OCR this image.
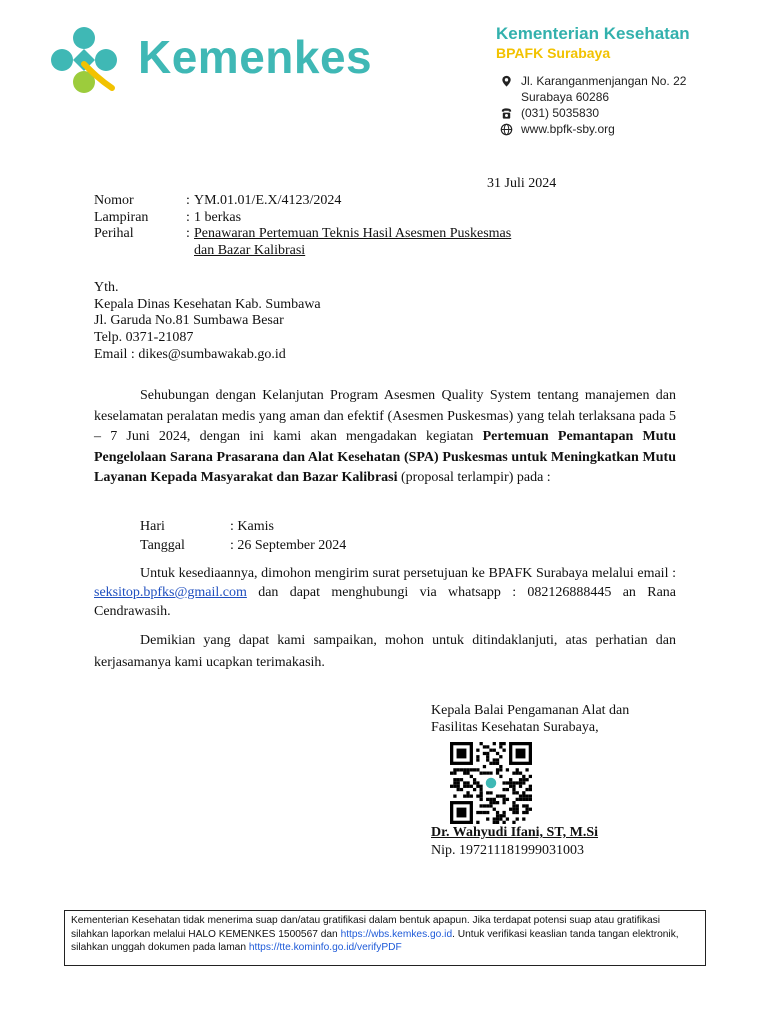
Kemenkes	Kementerian Kesehatan
BPAFK Surabaya
Jl. Karanganmenjangan No. 22
Surabaya 60286
(031) 5035830
www.bpfk-sby.org
31 Juli 2024
Nomor	: YM.01.01/E.X/4123/2024
Lampiran	: 1 berkas
Perihal	: Penawaran Pertemuan Teknis Hasil Asesmen Puskesmas
dan Bazar Kalibrasi
Yth.
Kepala Dinas Kesehatan Kab. Sumbawa
Jl. Garuda No.81 Sumbawa Besar
Telp. 0371-21087
Email : dikes@sumbawakab.go.id
Sehubungan dengan Kelanjutan Program Asesmen Quality System tentang manajemen dan keselamatan peralatan medis yang aman dan efektif (Asesmen Puskesmas) yang telah terlaksana pada 5 – 7 Juni 2024, dengan ini kami akan mengadakan kegiatan Pertemuan Pemantapan Mutu Pengelolaan Sarana Prasarana dan Alat Kesehatan (SPA) Puskesmas untuk Meningkatkan Mutu Layanan Kepada Masyarakat dan Bazar Kalibrasi (proposal terlampir) pada :
Hari	: Kamis
Tanggal	: 26 September 2024
Untuk kesediaannya, dimohon mengirim surat persetujuan ke BPAFK Surabaya melalui email : seksitop.bpfks@gmail.com dan dapat menghubungi via whatsapp : 082126888445 an Rana Cendrawasih.
Demikian yang dapat kami sampaikan, mohon untuk ditindaklanjuti, atas perhatian dan kerjasamanya kami ucapkan terimakasih.
Kepala Balai Pengamanan Alat dan
Fasilitas Kesehatan Surabaya,
Dr. Wahyudi Ifani, ST, M.Si
Nip. 197211181999031003
Kementerian Kesehatan tidak menerima suap dan/atau gratifikasi dalam bentuk apapun. Jika terdapat potensi suap atau gratifikasi silahkan laporkan melalui HALO KEMENKES 1500567 dan https://wbs.kemkes.go.id. Untuk verifikasi keaslian tanda tangan elektronik, silahkan unggah dokumen pada laman https://tte.kominfo.go.id/verifyPDF
